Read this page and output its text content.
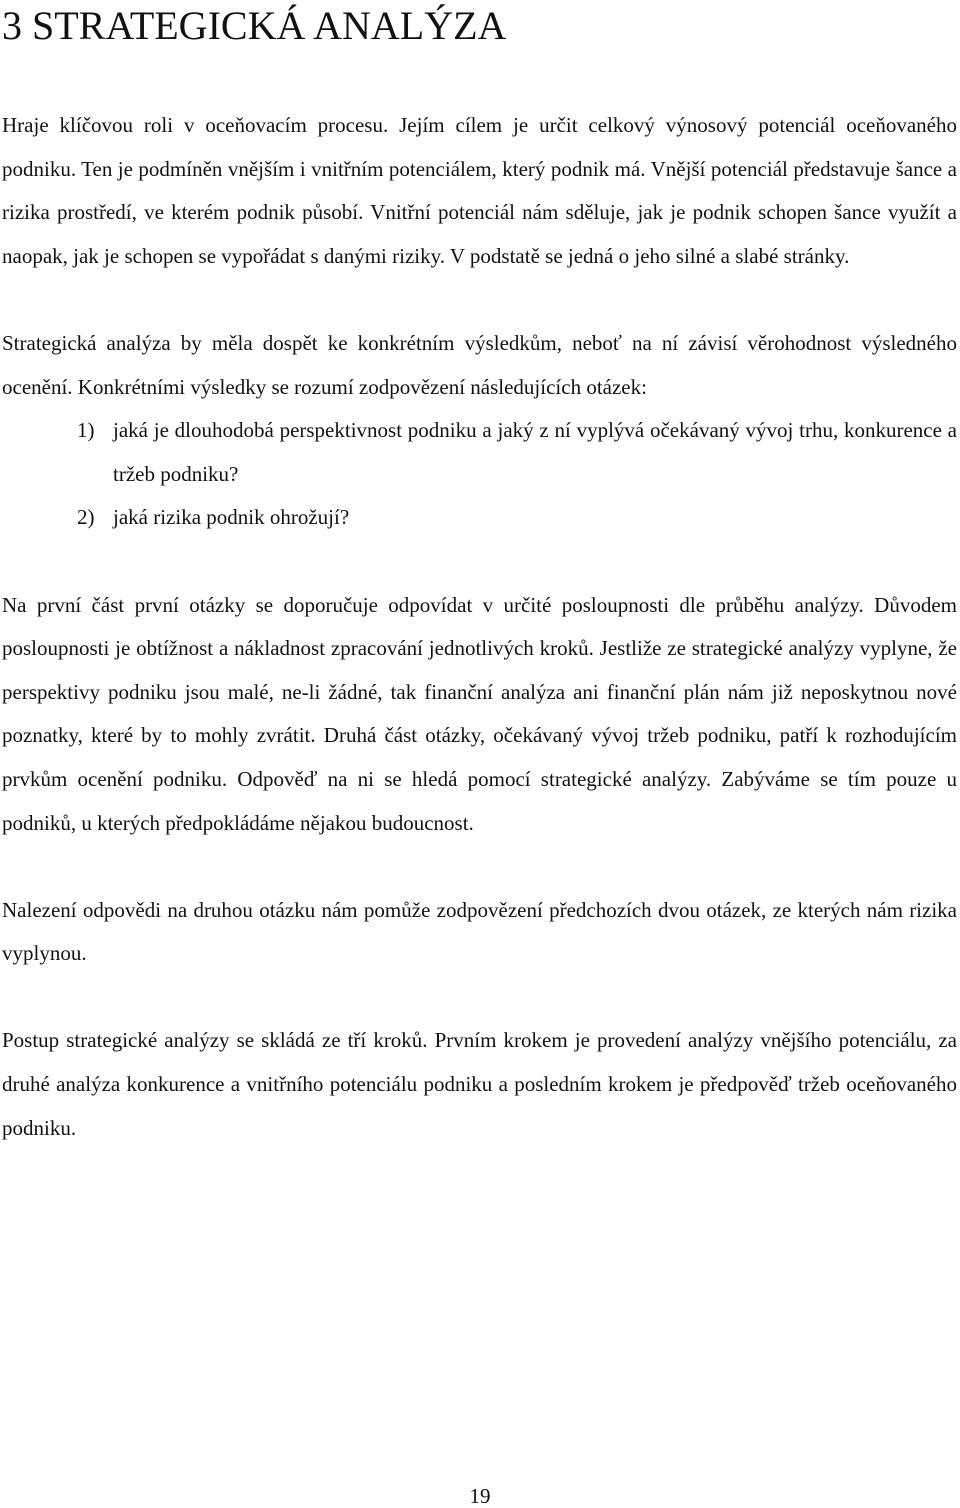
3 STRATEGICKÁ ANALÝZA

Hraje klíčovou roli v oceňovacím procesu. Jejím cílem je určit celkový výnosový potenciál oceňovaného podniku. Ten je podmíněn vnějším i vnitřním potenciálem, který podnik má. Vnější potenciál představuje šance a rizika prostředí, ve kterém podnik působí. Vnitřní potenciál nám sděluje, jak je podnik schopen šance využít a naopak, jak je schopen se vypořádat s danými riziky. V podstatě se jedná o jeho silné a slabé stránky.

Strategická analýza by měla dospět ke konkrétním výsledkům, neboť na ní závisí věrohodnost výsledného ocenění. Konkrétními výsledky se rozumí zodpovězení následujících otázek:

1) jaká je dlouhodobá perspektivnost podniku a jaký z ní vyplývá očekávaný vývoj trhu, konkurence a tržeb podniku?
2) jaká rizika podnik ohrožují?

Na první část první otázky se doporučuje odpovídat v určité posloupnosti dle průběhu analýzy. Důvodem posloupnosti je obtížnost a nákladnost zpracování jednotlivých kroků. Jestliže ze strategické analýzy vyplyne, že perspektivy podniku jsou malé, ne-li žádné, tak finanční analýza ani finanční plán nám již neposkytnou nové poznatky, které by to mohly zvrátit. Druhá část otázky, očekávaný vývoj tržeb podniku, patří k rozhodujícím prvkům ocenění podniku. Odpověď na ni se hledá pomocí strategické analýzy. Zabýváme se tím pouze u podniků, u kterých předpokládáme nějakou budoucnost.

Nalezení odpovědi na druhou otázku nám pomůže zodpovězení předchozích dvou otázek, ze kterých nám rizika vyplynou.

Postup strategické analýzy se skládá ze tří kroků. Prvním krokem je provedení analýzy vnějšího potenciálu, za druhé analýza konkurence a vnitřního potenciálu podniku a posledním krokem je předpověď tržeb oceňovaného podniku.

19
